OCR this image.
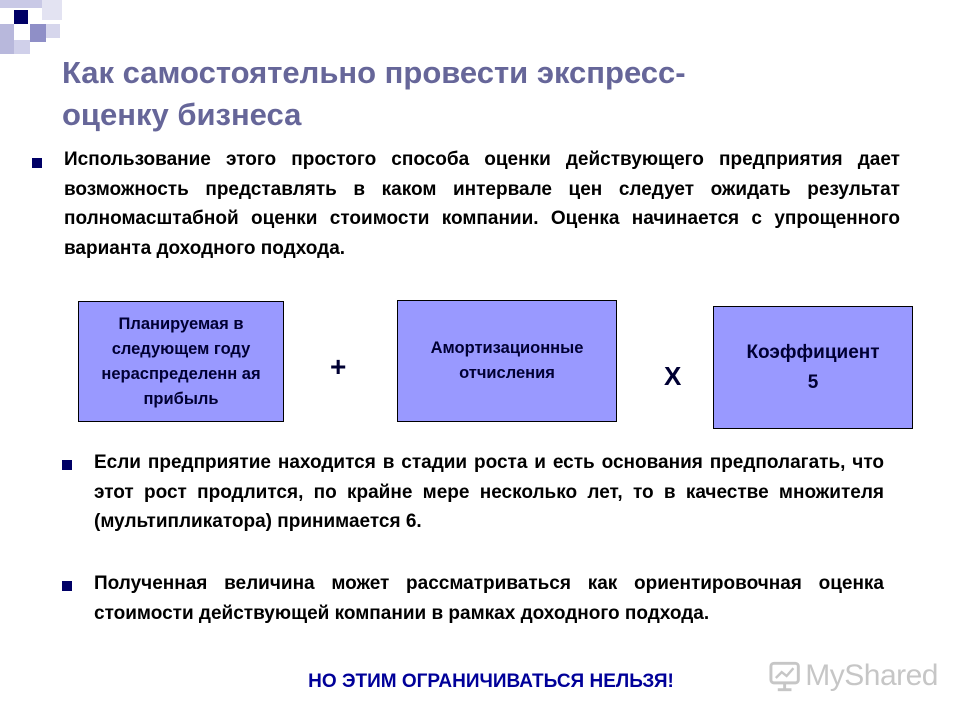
Как самостоятельно провести экспресс-
оценку бизнеса

Использование этого простого способа оценки действующего предприятия дает возможность представлять в каком интервале цен следует ожидать результат полномасштабной оценки стоимости компании. Оценка начинается с упрощенного варианта доходного подхода.

Планируемая в следующем году нераспределенн ая прибыль
+
Амортизационные отчисления	X
Коэффициент
5

Если предприятие находится в стадии роста и есть основания предполагать, что этот рост продлится, по крайне мере несколько лет, то в качестве множителя (мультипликатора) принимается 6.

Полученная величина может рассматриваться как ориентировочная оценка стоимости действующей компании в рамках доходного подхода.

НО ЭТИМ ОГРАНИЧИВАТЬСЯ НЕЛЬЗЯ!	MyShared
